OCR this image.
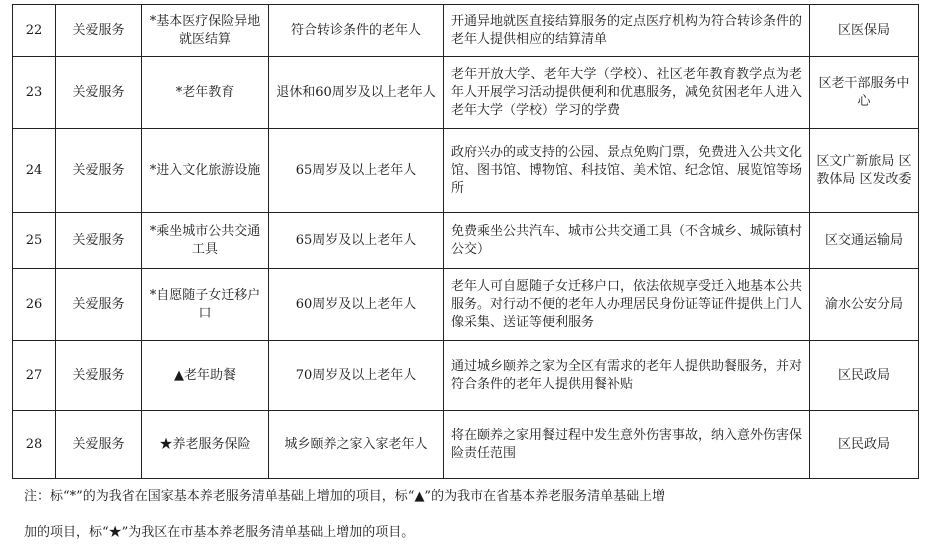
22	关爱服务	*基本医疗保险异地就医结算	符合转诊条件的老年人	开通异地就医直接结算服务的定点医疗机构为符合转诊条件的老年人提供相应的结算清单	区医保局
23	关爱服务	*老年教育	退休和60周岁及以上老年人	老年开放大学、老年大学（学校）、社区老年教育教学点为老年人开展学习活动提供便利和优惠服务，减免贫困老年人进入老年大学（学校）学习的学费	区老干部服务中心
24	关爱服务	*进入文化旅游设施	65周岁及以上老年人	政府兴办的或支持的公园、景点免购门票，免费进入公共文化馆、图书馆、博物馆、科技馆、美术馆、纪念馆、展览馆等场所	区文广新旅局 区教体局 区发改委
25	关爱服务	*乘坐城市公共交通工具	65周岁及以上老年人	免费乘坐公共汽车、城市公共交通工具（不含城乡、城际镇村公交）	区交通运输局
26	关爱服务	*自愿随子女迁移户口	60周岁及以上老年人	老年人可自愿随子女迁移户口，依法依规享受迁入地基本公共服务。对行动不便的老年人办理居民身份证等证件提供上门人像采集、送证等便利服务	渝水公安分局
27	关爱服务	▲老年助餐	70周岁及以上老年人	通过城乡颐养之家为全区有需求的老年人提供助餐服务，并对符合条件的老年人提供用餐补贴	区民政局
28	关爱服务	★养老服务保险	城乡颐养之家入家老年人	将在颐养之家用餐过程中发生意外伤害事故，纳入意外伤害保险责任范围	区民政局

注：标“*”的为我省在国家基本养老服务清单基础上增加的项目，标“▲”的为我市在省基本养老服务清单基础上增

加的项目，标“★”为我区在市基本养老服务清单基础上增加的项目。
